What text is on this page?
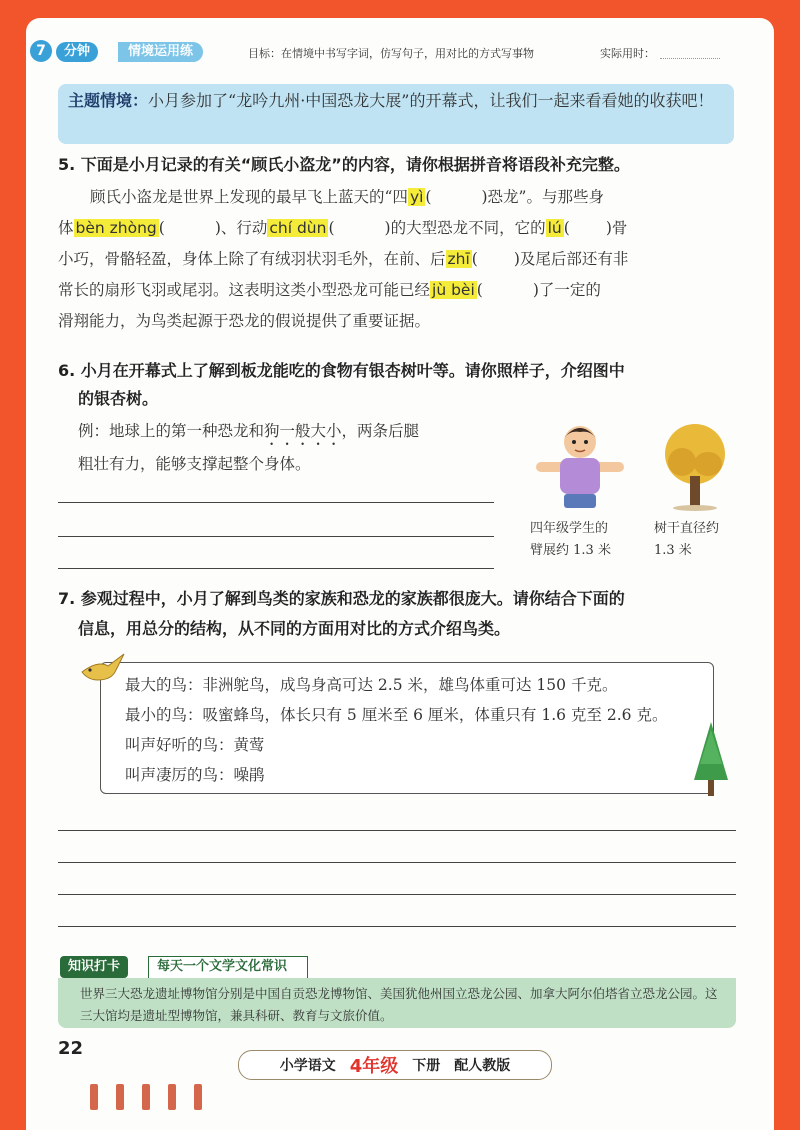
7	分钟	情境运用练	目标：在情境中书写字词，仿写句子，用对比的方式写事物	实际用时：
主题情境：小月参加了“龙吟九州·中国恐龙大展”的开幕式，让我们一起来看看她的收获吧！
5. 下面是小月记录的有关“顾氏小盗龙”的内容，请你根据拼音将语段补充完整。
顾氏小盗龙是世界上发现的最早飞上蓝天的“四 yì (	)恐龙”。与那些身
体 bèn zhòng (	)、行动 chí dùn (	)的大型恐龙不同，它的 lú ( )骨
小巧，骨骼轻盈，身体上除了有绒羽状羽毛外，在前、后 zhī ( )及尾后部还有非
常长的扇形飞羽或尾羽。这表明这类小型恐龙可能已经 jù bèi (	)了一定的
滑翔能力，为鸟类起源于恐龙的假说提供了重要证据。
6. 小月在开幕式上了解到板龙能吃的食物有银杏树叶等。请你照样子，介绍图中
的银杏树。
例：地球上的第一种恐龙和狗一般大小，两条后腿
粗壮有力，能够支撑起整个身体。
四年级学生的
臂展约 1.3 米
树干直径约
1.3 米
7. 参观过程中，小月了解到鸟类的家族和恐龙的家族都很庞大。请你结合下面的
信息，用总分的结构，从不同的方面用对比的方式介绍鸟类。
最大的鸟：非洲鸵鸟，成鸟身高可达 2.5 米，雄鸟体重可达 150 千克。
最小的鸟：吸蜜蜂鸟，体长只有 5 厘米至 6 厘米，体重只有 1.6 克至 2.6 克。
叫声好听的鸟：黄莺
叫声凄厉的鸟：噪鹃
知识打卡	每天一个文学文化常识
世界三大恐龙遗址博物馆分别是中国自贡恐龙博物馆、美国犹他州国立恐龙公园、加拿大阿尔伯塔省立恐龙公园。这三大馆均是遗址型博物馆，兼具科研、教育与文旅价值。
22
小学语文 4年级 下册 配人教版
